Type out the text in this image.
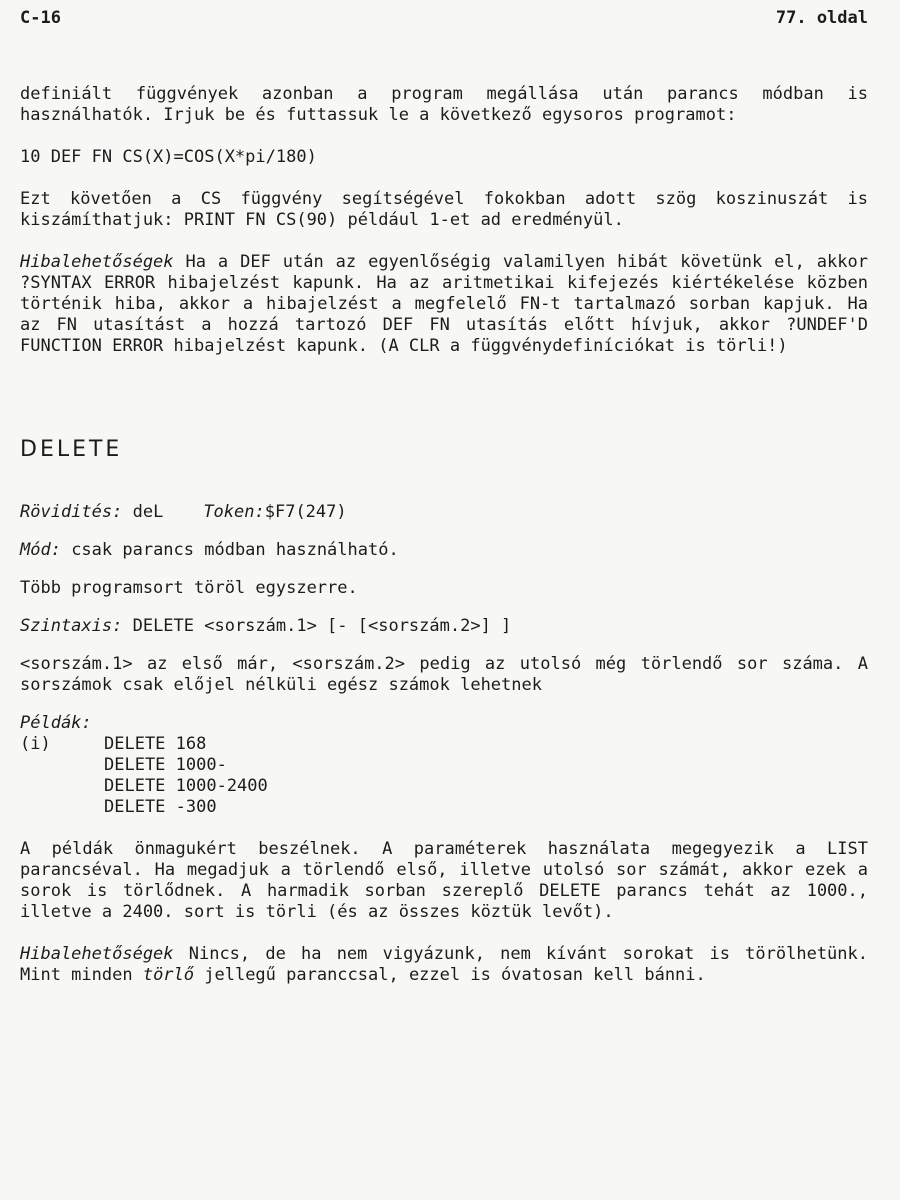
C-16	77. oldal

definiált függvények azonban a program megállása után parancs módban is használhatók. Irjuk be és futtassuk le a következő egysoros programot:

10 DEF FN CS(X)=COS(X*pi/180)

Ezt követően a CS függvény segítségével fokokban adott szög koszinuszát is kiszámíthatjuk: PRINT FN CS(90) például 1-et ad eredményül.

Hibalehetőségek Ha a DEF után az egyenlőségig valamilyen hibát követünk el, akkor ?SYNTAX ERROR hibajelzést kapunk. Ha az aritmetikai kifejezés kiértékelése közben történik hiba, akkor a hibajelzést a megfelelő FN-t tartalmazó sorban kapjuk. Ha az FN utasítást a hozzá tartozó DEF FN utasítás előtt hívjuk, akkor ?UNDEF'D FUNCTION ERROR hibajelzést kapunk. (A CLR a függvénydefiníciókat is törli!)

DELETE

Rövidités: deL Token:$F7(247)

Mód: csak parancs módban használható.

Több programsort töröl egyszerre.

Szintaxis: DELETE <sorszám.1> [- [<sorszám.2>] ]

<sorszám.1> az első már, <sorszám.2> pedig az utolsó még törlendő sor száma. A sorszámok csak előjel nélküli egész számok lehetnek

Példák:

(i)	DELETE 168
DELETE 1000-
DELETE 1000-2400
DELETE -300

A példák önmagukért beszélnek. A paraméterek használata megegyezik a LIST parancséval. Ha megadjuk a törlendő első, illetve utolsó sor számát, akkor ezek a sorok is törlődnek. A harmadik sorban szereplő DELETE parancs tehát az 1000., illetve a 2400. sort is törli (és az összes köztük levőt).

Hibalehetőségek Nincs, de ha nem vigyázunk, nem kívánt sorokat is törölhetünk. Mint minden törlő jellegű paranccsal, ezzel is óvatosan kell bánni.
